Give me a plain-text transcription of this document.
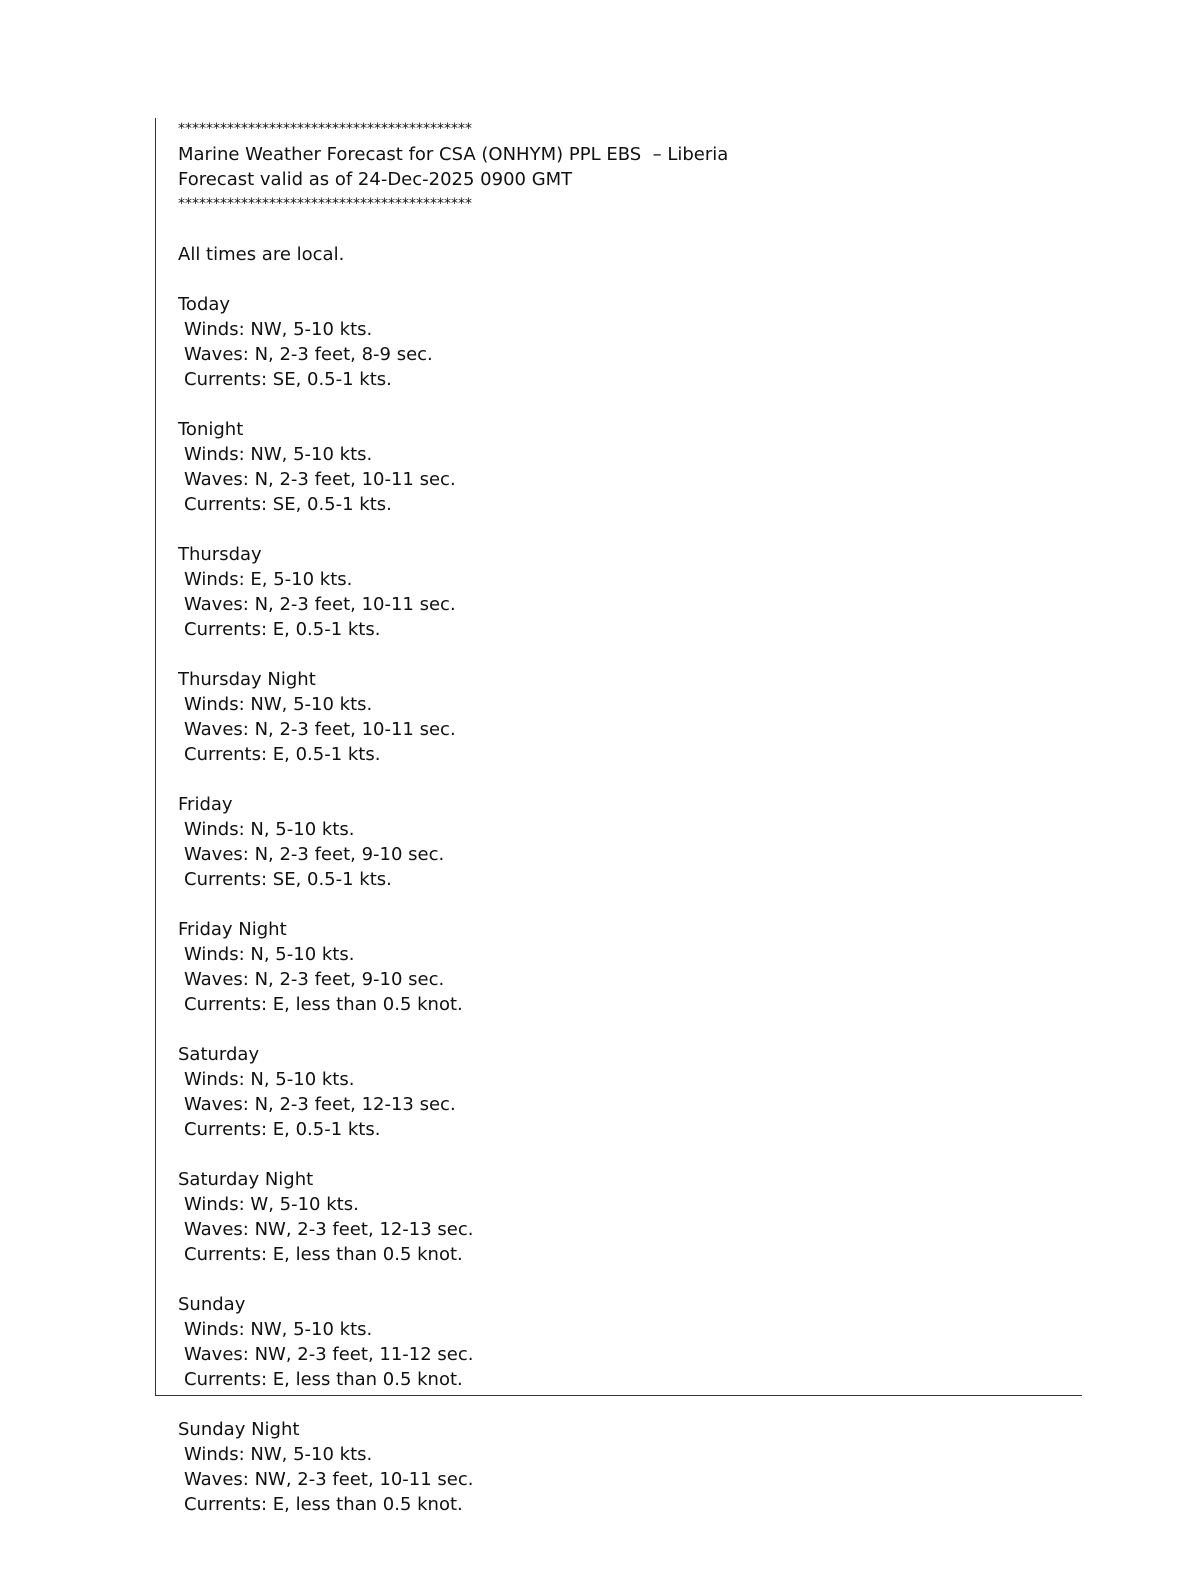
******************************************
Marine Weather Forecast for CSA (ONHYM) PPL EBS  – Liberia
Forecast valid as of 24-Dec-2025 0900 GMT
******************************************
All times are local.
Today
Winds: NW, 5-10 kts.
Waves: N, 2-3 feet, 8-9 sec.
Currents: SE, 0.5-1 kts.
Tonight
Winds: NW, 5-10 kts.
Waves: N, 2-3 feet, 10-11 sec.
Currents: SE, 0.5-1 kts.
Thursday
Winds: E, 5-10 kts.
Waves: N, 2-3 feet, 10-11 sec.
Currents: E, 0.5-1 kts.
Thursday Night
Winds: NW, 5-10 kts.
Waves: N, 2-3 feet, 10-11 sec.
Currents: E, 0.5-1 kts.
Friday
Winds: N, 5-10 kts.
Waves: N, 2-3 feet, 9-10 sec.
Currents: SE, 0.5-1 kts.
Friday Night
Winds: N, 5-10 kts.
Waves: N, 2-3 feet, 9-10 sec.
Currents: E, less than 0.5 knot.
Saturday
Winds: N, 5-10 kts.
Waves: N, 2-3 feet, 12-13 sec.
Currents: E, 0.5-1 kts.
Saturday Night
Winds: W, 5-10 kts.
Waves: NW, 2-3 feet, 12-13 sec.
Currents: E, less than 0.5 knot.
Sunday
Winds: NW, 5-10 kts.
Waves: NW, 2-3 feet, 11-12 sec.
Currents: E, less than 0.5 knot.
Sunday Night
Winds: NW, 5-10 kts.
Waves: NW, 2-3 feet, 10-11 sec.
Currents: E, less than 0.5 knot.
